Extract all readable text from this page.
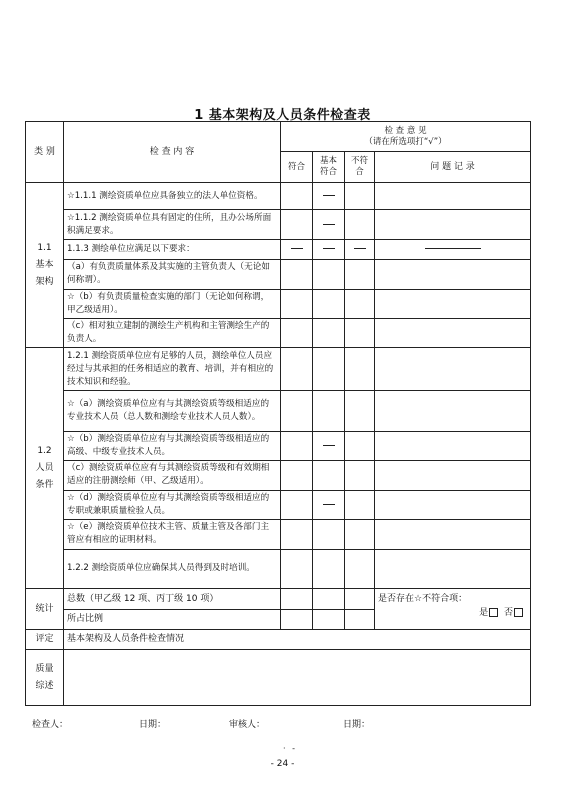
1 基本架构及人员条件检查表
类 别	检 查 内 容	检 查 意 见
（请在所选项打“√”）			

		符合	基本符合	不符合	问 题 记 录

1.1
基本
架构	☆1.1.1 测绘资质单位应具备独立的法人单位资格。				
	☆1.1.2 测绘资质单位具有固定的住所，且办公场所面积满足要求。				
	1.1.3 测绘单位应满足以下要求：				
	（a）有负责质量体系及其实施的主管负责人（无论如何称谓）。				
	☆（b）有负责质量检查实施的部门（无论如何称谓，甲乙级适用）。				
	（c）相对独立建制的测绘生产机构和主管测绘生产的负责人。				

1.2
人员
条件	1.2.1 测绘资质单位应有足够的人员，测绘单位人员应经过与其承担的任务相适应的教育、培训，并有相应的技术知识和经验。				
	☆（a）测绘资质单位应有与其测绘资质等级相适应的专业技术人员（总人数和测绘专业技术人员人数）。				
	☆（b）测绘资质单位应有与其测绘资质等级相适应的高级、中级专业技术人员。				
	（c）测绘资质单位应有与其测绘资质等级和有效期相适应的注册测绘师（甲、乙级适用）。				
	☆（d）测绘资质单位应有与其测绘资质等级相适应的专职或兼职质量检验人员。				
	☆（e）测绘资质单位技术主管、质量主管及各部门主管应有相应的证明材料。				
	1.2.2 测绘资质单位应确保其人员得到及时培训。				
统计	总数（甲乙级 12 项、丙丁级 10 项）				是否存在☆不符合项：
是 否

	所占比例				
评定	基本架构及人员条件检查情况				

质量
综述					

检查人：	日期：	审核人：	日期：
· -
- 24 -
